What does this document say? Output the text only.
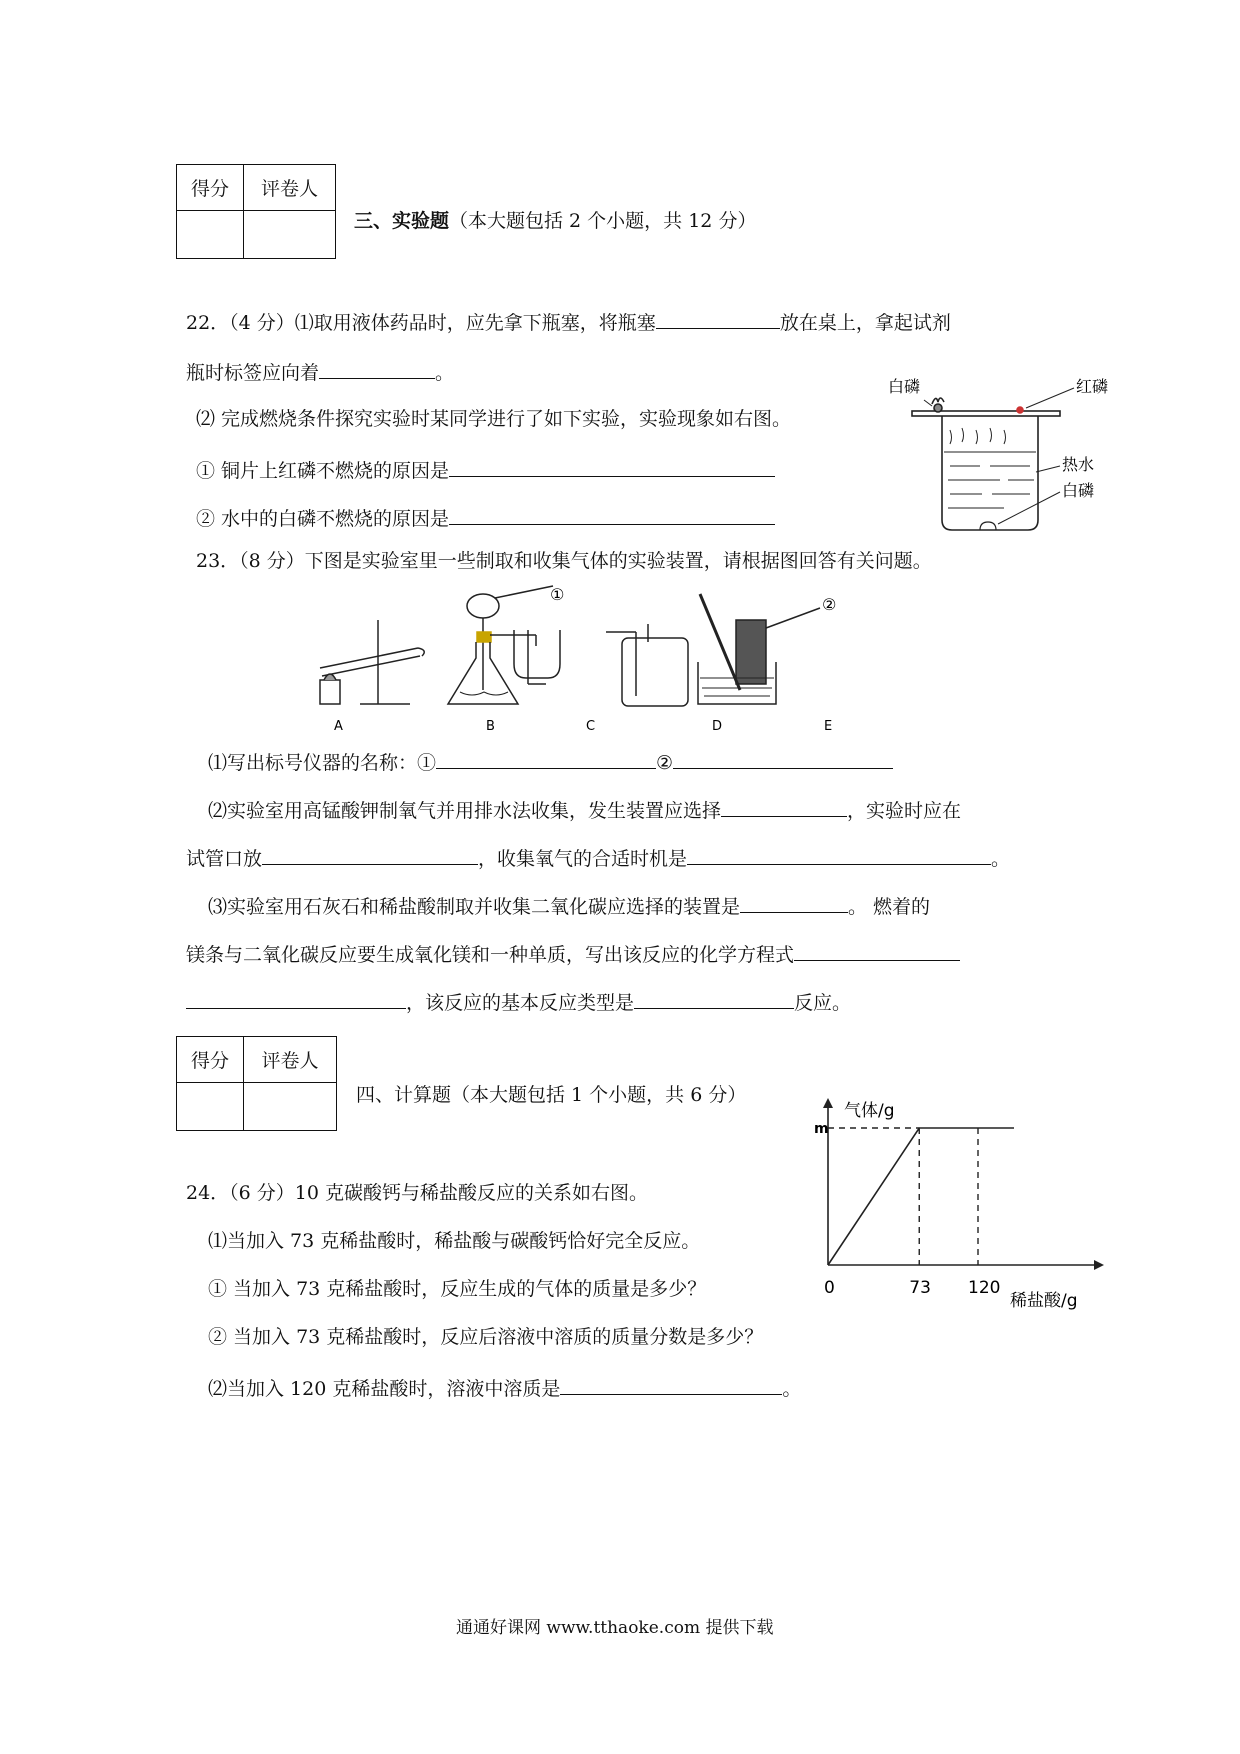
得分	评卷人

三、实验题（本大题包括 2 个小题，共 12 分）
22．（4 分）⑴取用液体药品时，应先拿下瓶塞，将瓶塞	放在桌上，拿起试剂
瓶时标签应向着	。
⑵ 完成燃烧条件探究实验时某同学进行了如下实验，实验现象如右图。
① 铜片上红磷不燃烧的原因是
② 水中的白磷不燃烧的原因是
白磷	红磷
热水
白磷
23．（8 分）下图是实验室里一些制取和收集气体的实验装置，请根据图回答有关问题。
①
②
A	B	C	D	E
⑴写出标号仪器的名称：①	②
⑵实验室用高锰酸钾制氧气并用排水法收集，发生装置应选择	，实验时应在
试管口放	，收集氧气的合适时机是	。
⑶实验室用石灰石和稀盐酸制取并收集二氧化碳应选择的装置是	。 燃着的
镁条与二氧化碳反应要生成氧化镁和一种单质，写出该反应的化学方程式
，该反应的基本反应类型是	反应。
得分	评卷人

四、计算题（本大题包括 1 个小题，共 6 分）
24．（6 分）10 克碳酸钙与稀盐酸反应的关系如右图。
⑴当加入 73 克稀盐酸时，稀盐酸与碳酸钙恰好完全反应。
① 当加入 73 克稀盐酸时，反应生成的气体的质量是多少？
② 当加入 73 克稀盐酸时，反应后溶液中溶质的质量分数是多少？
⑵当加入 120 克稀盐酸时，溶液中溶质是	。
气体/g
稀盐酸/g
0	73 120
m
通通好课网 www.tthaoke.com 提供下载
